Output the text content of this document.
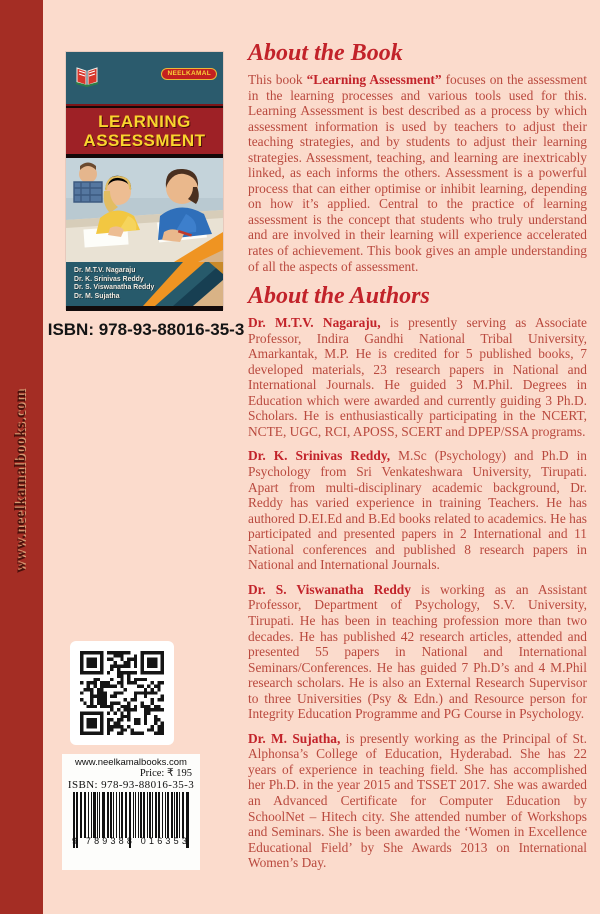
www.neelkamalbooks.com
NEELKAMAL
LEARNING
ASSESSMENT
Dr. M.T.V. Nagaraju
Dr. K. Srinivas Reddy
Dr. S. Viswanatha Reddy
Dr. M. Sujatha
ISBN: 978-93-88016-35-3
www.neelkamalbooks.com
Price: ₹ 195
ISBN: 978-93-88016-35-3
9 789388 016353
About the Book

This book “Learning Assessment” focuses on the assessment in the learning processes and various tools used for this. Learning Assessment is best described as a process by which assessment information is used by teachers to adjust their teaching strategies, and by students to adjust their learning strategies. Assessment, teaching, and learning are inextricably linked, as each informs the others. Assessment is a powerful process that can either optimise or inhibit learning, depending on how it’s applied. Central to the practice of learning assessment is the concept that students who truly understand and are involved in their learning will experience accelerated rates of achievement. This book gives an ample understanding of all the aspects of assessment.

About the Authors

Dr. M.T.V. Nagaraju, is presently serving as Associate Professor, Indira Gandhi National Tribal University, Amarkantak, M.P. He is credited for 5 published books, 7 developed materials, 23 research papers in National and International Journals. He guided 3 M.Phil. Degrees in Education which were awarded and currently guiding 3 Ph.D. Scholars. He is enthusiastically participating in the NCERT, NCTE, UGC, RCI, APOSS, SCERT and DPEP/SSA programs.

Dr. K. Srinivas Reddy, M.Sc (Psychology) and Ph.D in Psychology from Sri Venkateshwara University, Tirupati. Apart from multi-disciplinary academic background, Dr. Reddy has varied experience in training Teachers. He has authored D.EI.Ed and B.Ed books related to academics. He has participated and presented papers in 2 International and 11 National conferences and published 8 research papers in National and International Journals.

Dr. S. Viswanatha Reddy is working as an Assistant Professor, Department of Psychology, S.V. University, Tirupati. He has been in teaching profession more than two decades. He has published 42 research articles, attended and presented 55 papers in National and International Seminars/Conferences. He has guided 7 Ph.D’s and 4 M.Phil research scholars. He is also an External Research Supervisor to three Universities (Psy & Edn.) and Resource person for Integrity Education Programme and PG Course in Psychology.

Dr. M. Sujatha, is presently working as the Principal of St. Alphonsa’s College of Education, Hyderabad. She has 22 years of experience in teaching field. She has accomplished her Ph.D. in the year 2015 and TSSET 2017. She was awarded an Advanced Certificate for Computer Education by SchoolNet – Hitech city. She attended number of Workshops and Seminars. She is been awarded the ‘Women in Excellence Educational Field’ by She Awards 2013 on International Women’s Day.
